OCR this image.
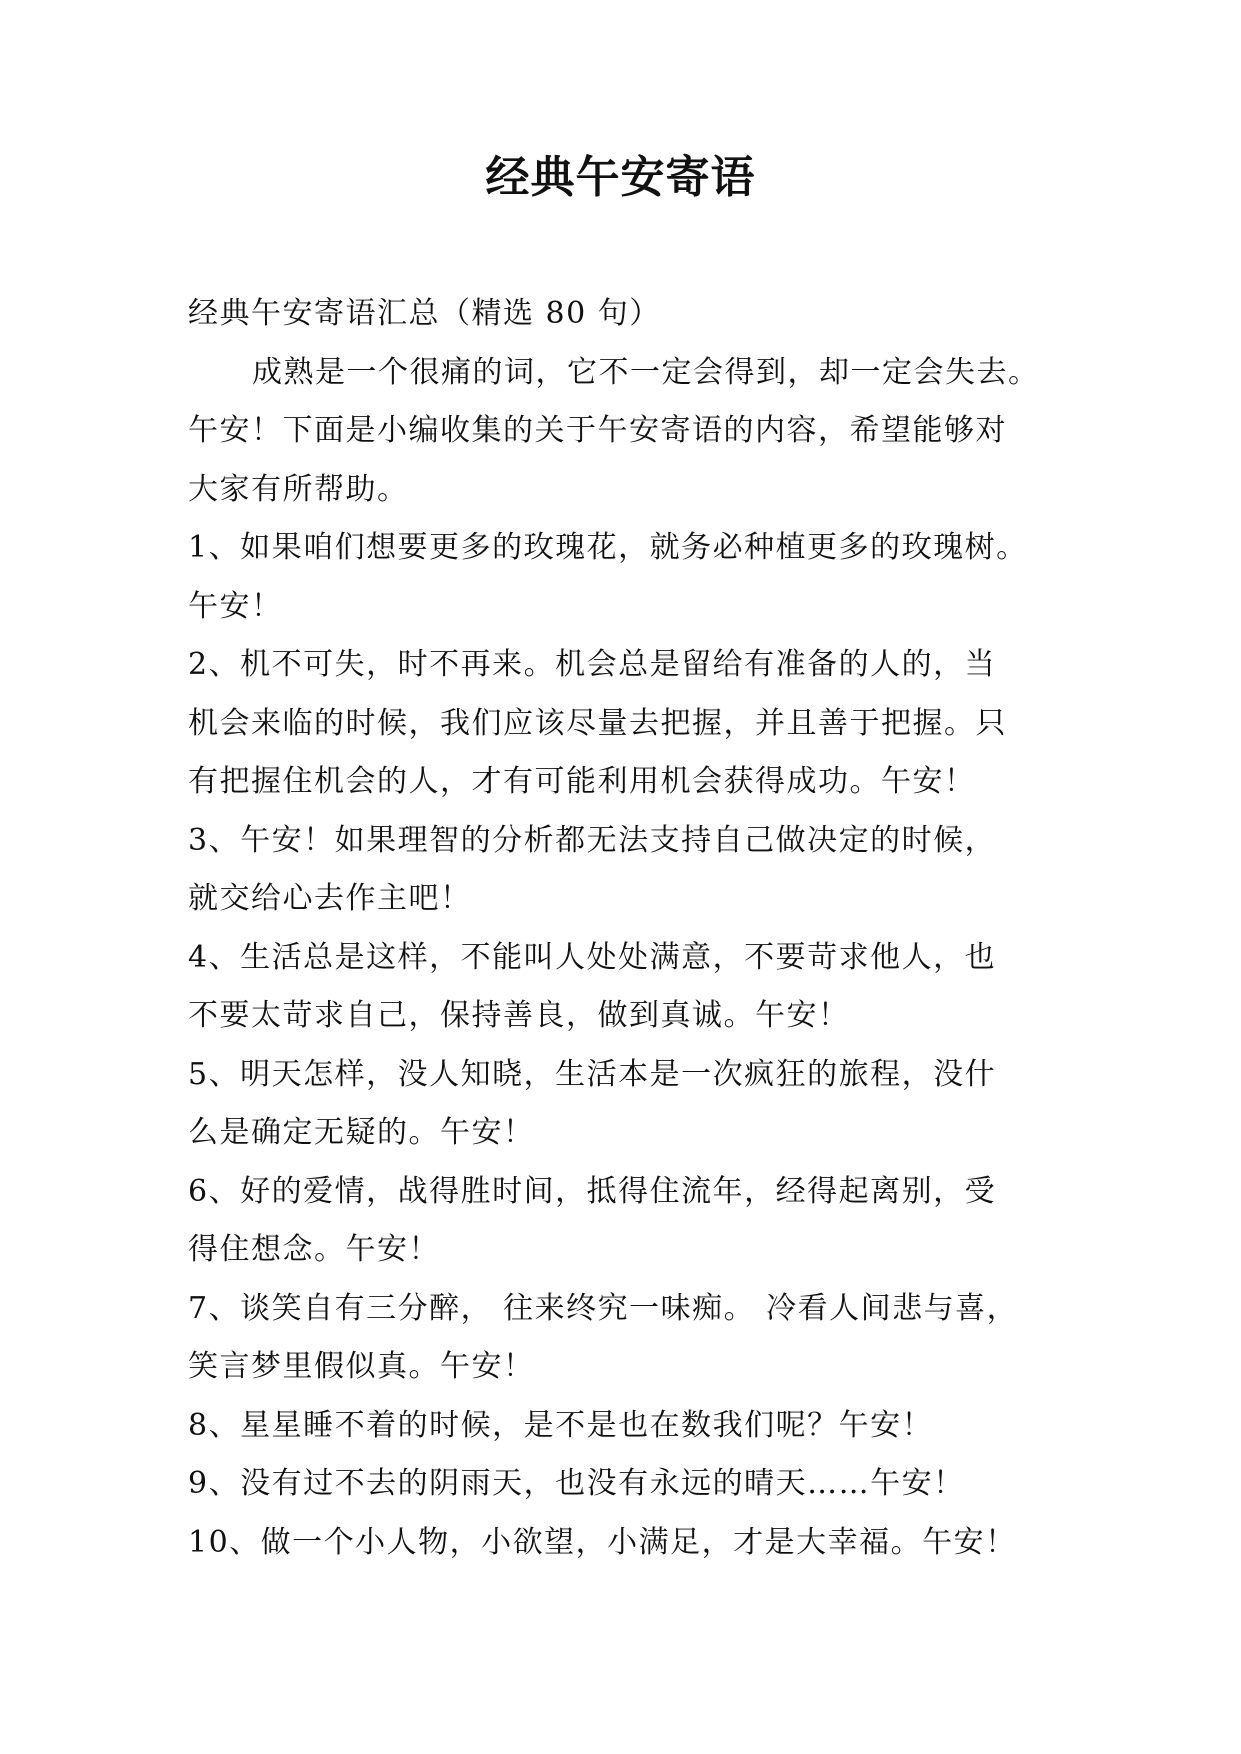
经典午安寄语
经典午安寄语汇总（精选 80 句）
成熟是一个很痛的词，它不一定会得到，却一定会失去。
午安！下面是小编收集的关于午安寄语的内容，希望能够对
大家有所帮助。
1、如果咱们想要更多的玫瑰花，就务必种植更多的玫瑰树。
午安！
2、机不可失，时不再来。机会总是留给有准备的人的，当
机会来临的时候，我们应该尽量去把握，并且善于把握。只
有把握住机会的人，才有可能利用机会获得成功。午安！
3、午安！如果理智的分析都无法支持自己做决定的时候，
就交给心去作主吧！
4、生活总是这样，不能叫人处处满意，不要苛求他人，也
不要太苛求自己，保持善良，做到真诚。午安！
5、明天怎样，没人知晓，生活本是一次疯狂的旅程，没什
么是确定无疑的。午安！
6、好的爱情，战得胜时间，抵得住流年，经得起离别，受
得住想念。午安！
7、谈笑自有三分醉， 往来终究一味痴。 冷看人间悲与喜，
笑言梦里假似真。午安！
8、星星睡不着的时候，是不是也在数我们呢？午安！
9、没有过不去的阴雨天，也没有永远的晴天……午安！
10、做一个小人物，小欲望，小满足，才是大幸福。午安！
